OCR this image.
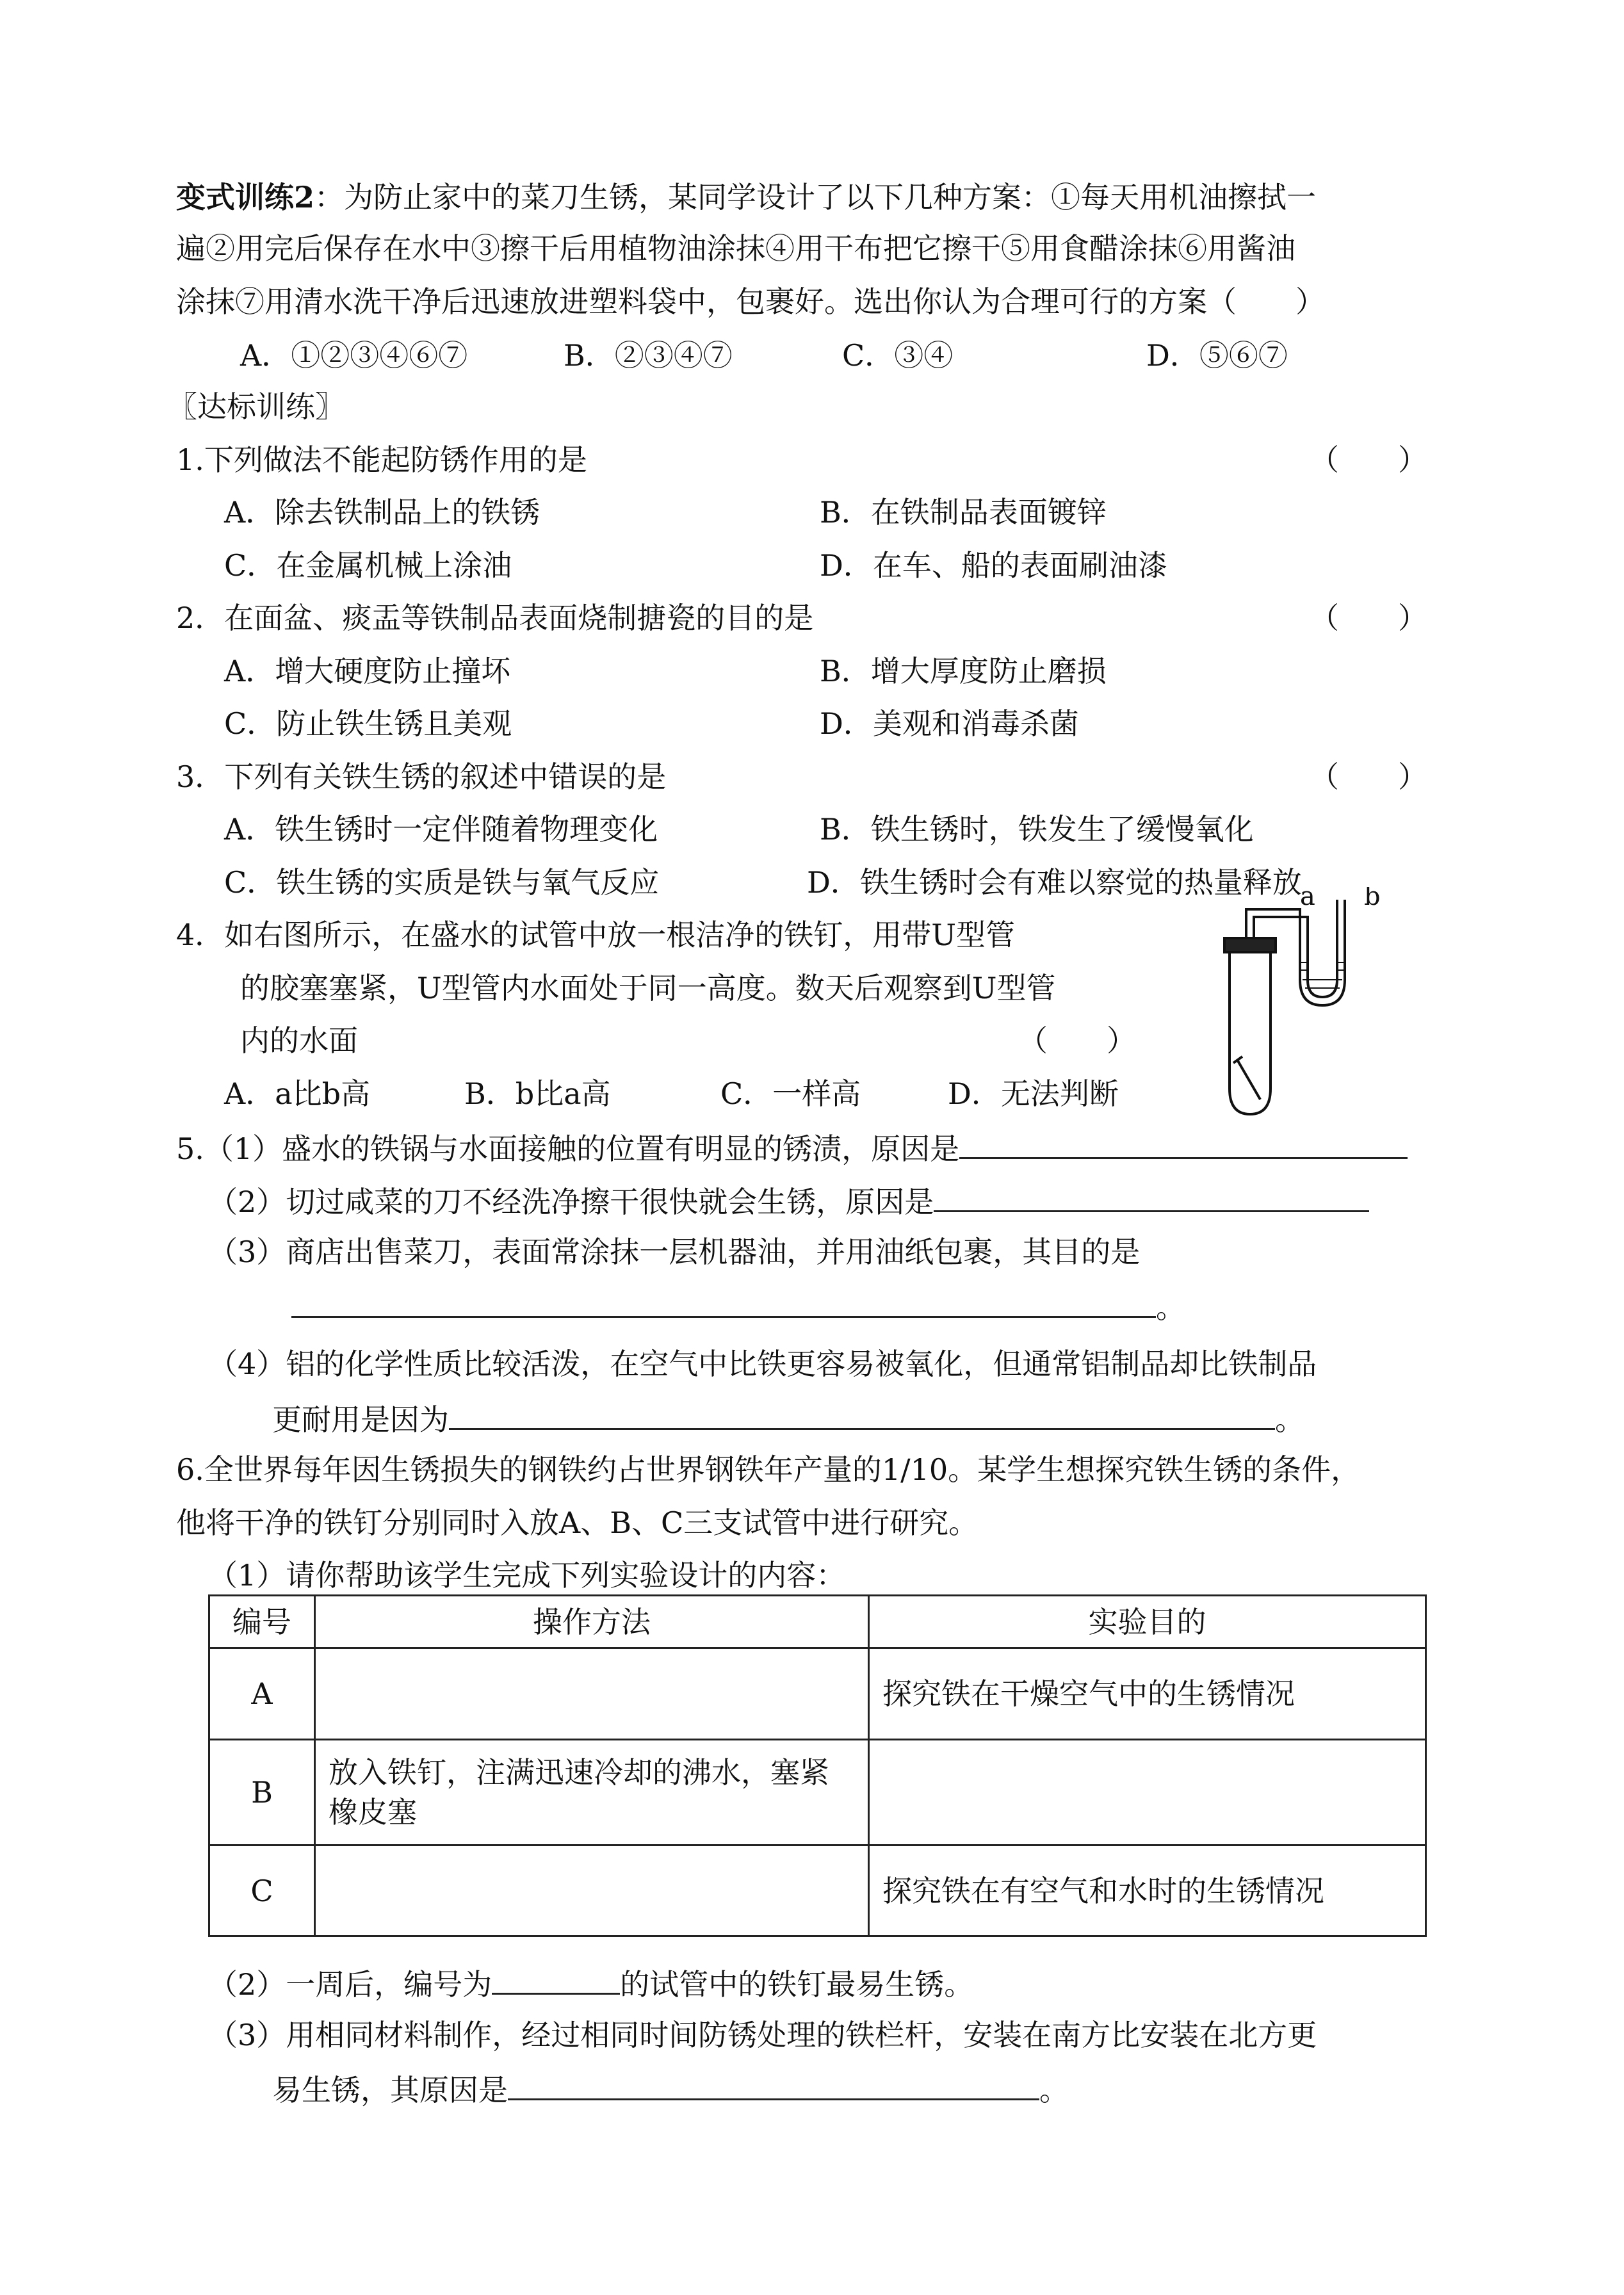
变式训练2：为防止家中的菜刀生锈，某同学设计了以下几种方案：①每天用机油擦拭一
遍②用完后保存在水中③擦干后用植物油涂抹④用干布把它擦干⑤用食醋涂抹⑥用酱油
涂抹⑦用清水洗干净后迅速放进塑料袋中，包裹好。选出你认为合理可行的方案（　　）
A．①②③④⑥⑦	B．②③④⑦	C．③④	D．⑤⑥⑦
〖达标训练〗
1.下列做法不能起防锈作用的是	（　　）
A．除去铁制品上的铁锈	B．在铁制品表面镀锌
C．在金属机械上涂油	D．在车、船的表面刷油漆
2．在面盆、痰盂等铁制品表面烧制搪瓷的目的是	（　　）
A．增大硬度防止撞坏	B．增大厚度防止磨损
C．防止铁生锈且美观	D．美观和消毒杀菌
3．下列有关铁生锈的叙述中错误的是	（　　）
A．铁生锈时一定伴随着物理变化	B．铁生锈时，铁发生了缓慢氧化
C．铁生锈的实质是铁与氧气反应	D．铁生锈时会有难以察觉的热量释放
4．如右图所示，在盛水的试管中放一根洁净的铁钉，用带U型管
的胶塞塞紧，U型管内水面处于同一高度。数天后观察到U型管
内的水面	（　　）
A．a比b高	B．b比a高	C．一样高	D．无法判断
a b
5.（1）盛水的铁锅与水面接触的位置有明显的锈渍，原因是
（2）切过咸菜的刀不经洗净擦干很快就会生锈，原因是
（3）商店出售菜刀，表面常涂抹一层机器油，并用油纸包裹，其目的是
。
（4）铝的化学性质比较活泼，在空气中比铁更容易被氧化，但通常铝制品却比铁制品
更耐用是因为	。
6.全世界每年因生锈损失的钢铁约占世界钢铁年产量的1/10。某学生想探究铁生锈的条件，
他将干净的铁钉分别同时入放A、B、C三支试管中进行研究。
（1）请你帮助该学生完成下列实验设计的内容：
编号	操作方法	实验目的
A		探究铁在干燥空气中的生锈情况
B	放入铁钉，注满迅速冷却的沸水，塞紧橡皮塞	
C		探究铁在有空气和水时的生锈情况
（2）一周后，编号为	的试管中的铁钉最易生锈。
（3）用相同材料制作，经过相同时间防锈处理的铁栏杆，安装在南方比安装在北方更
易生锈，其原因是	。
